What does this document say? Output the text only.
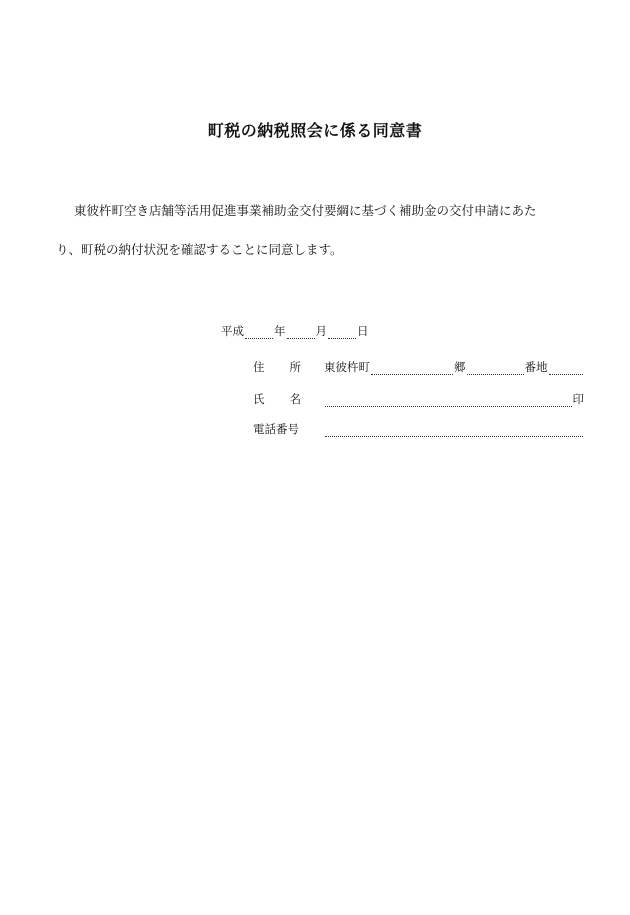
町税の納税照会に係る同意書
東彼杵町空き店舗等活用促進事業補助金交付要綱に基づく補助金の交付申請にあた
り、町税の納付状況を確認することに同意します。
平成	年	月	日
住 所 東彼杵町	郷	番地
氏 名	印
電話番号
